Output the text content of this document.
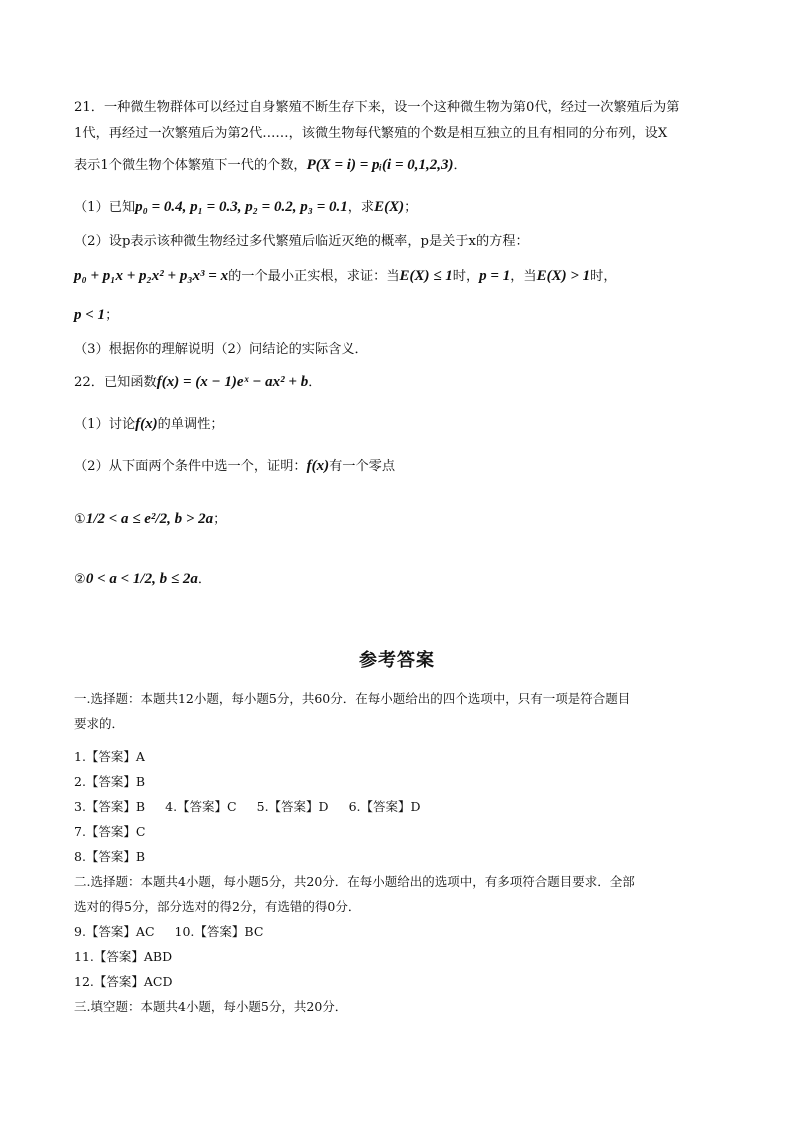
21．一种微生物群体可以经过自身繁殖不断生存下来，设一个这种微生物为第0代，经过一次繁殖后为第
1代，再经过一次繁殖后为第2代……，该微生物每代繁殖的个数是相互独立的且有相同的分布列，设X
表示1个微生物个体繁殖下一代的个数，P(X = i) = pᵢ(i = 0,1,2,3)．
（1）已知p₀ = 0.4, p₁ = 0.3, p₂ = 0.2, p₃ = 0.1，求E(X)；
（2）设p表示该种微生物经过多代繁殖后临近灭绝的概率，p是关于x的方程：
p₀ + p₁x + p₂x² + p₃x³ = x的一个最小正实根，求证：当E(X) ≤ 1时，p = 1，当E(X) > 1时，
p < 1；
（3）根据你的理解说明（2）问结论的实际含义．
22．已知函数f(x) = (x − 1)eˣ − ax² + b．
（1）讨论f(x)的单调性；
（2）从下面两个条件中选一个，证明：f(x)有一个零点
①1/2 < a ≤ e²/2, b > 2a；
②0 < a < 1/2, b ≤ 2a．
参考答案
一.选择题：本题共12小题，每小题5分，共60分．在每小题给出的四个选项中，只有一项是符合题目
要求的．
1.【答案】A
2.【答案】B
3.【答案】B 4.【答案】C 5.【答案】D 6.【答案】D
7.【答案】C
8.【答案】B
二.选择题：本题共4小题，每小题5分，共20分．在每小题给出的选项中，有多项符合题目要求．全部
选对的得5分，部分选对的得2分，有选错的得0分．
9.【答案】AC 10.【答案】BC
11.【答案】ABD
12.【答案】ACD
三.填空题：本题共4小题，每小题5分，共20分．
